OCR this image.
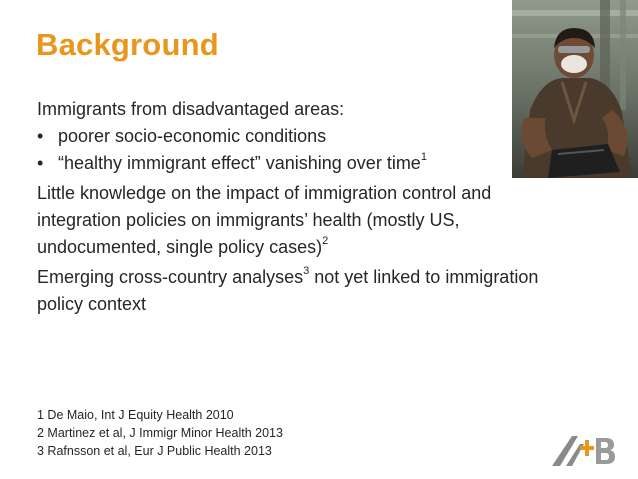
Background

Immigrants from disadvantaged areas:

• poorer socio-economic conditions
• “healthy immigrant effect” vanishing over time$^1$

Little knowledge on the impact of immigration control and integration policies on immigrants’ health (mostly US, undocumented, single policy cases)$^2$

Emerging cross-country analyses$^3$ not yet linked to immigration policy context

1 De Maio, Int J Equity Health 2010

2 Martinez et al, J Immigr Minor Health 2013

3 Rafnsson et al, Eur J Public Health 2013
